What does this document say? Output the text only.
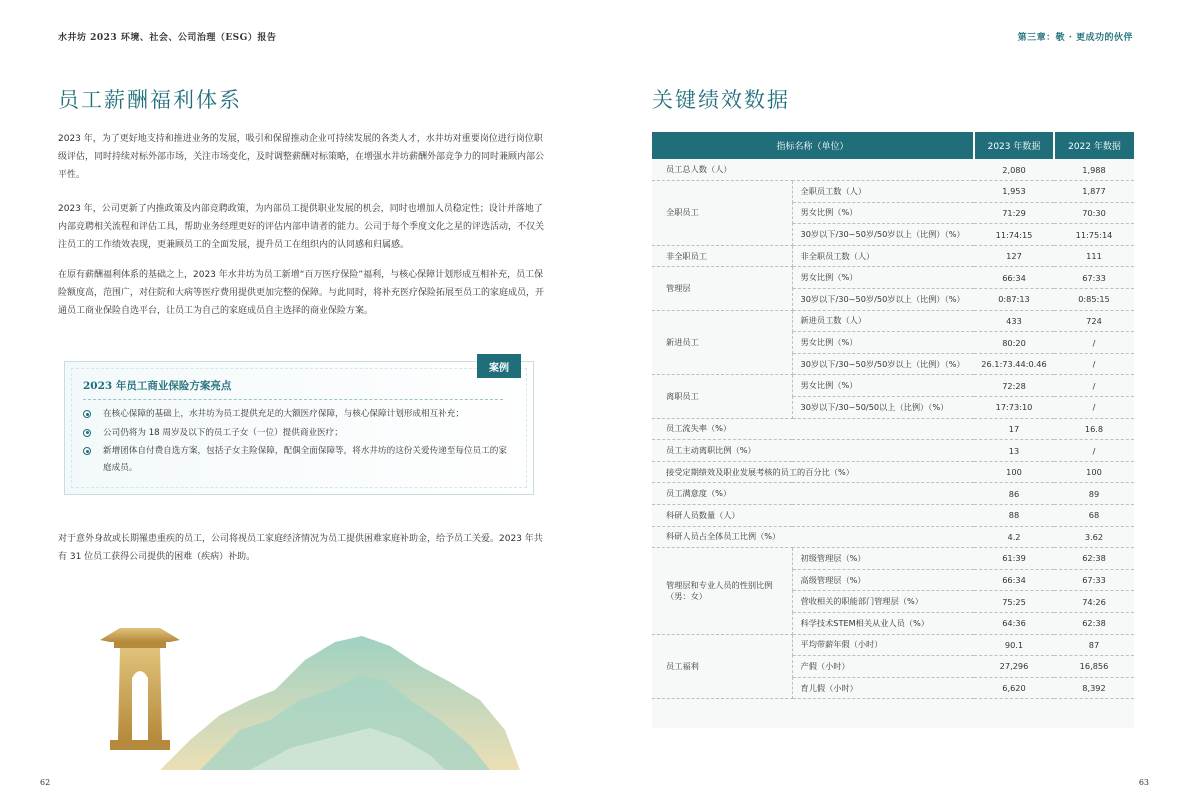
水井坊 2023 环境、社会、公司治理（ESG）报告	第三章：敬 · 更成功的伙伴
员工薪酬福利体系

2023 年，为了更好地支持和推进业务的发展，吸引和保留推动企业可持续发展的各类人才，水井坊对重要岗位进行岗位职级评估，同时持续对标外部市场，关注市场变化，及时调整薪酬对标策略，在增强水井坊薪酬外部竞争力的同时兼顾内部公平性。

2023 年，公司更新了内推政策及内部竞聘政策，为内部员工提供职业发展的机会，同时也增加人员稳定性；设计并落地了内部竞聘相关流程和评估工具，帮助业务经理更好的评估内部申请者的能力。公司于每个季度文化之星的评选活动，不仅关注员工的工作绩效表现，更兼顾员工的全面发展，提升员工在组织内的认同感和归属感。

在原有薪酬福利体系的基础之上，2023 年水井坊为员工新增“百万医疗保险”福利，与核心保障计划形成互相补充，员工保险额度高，范围广，对住院和大病等医疗费用提供更加完整的保障。与此同时，将补充医疗保险拓展至员工的家庭成员，开通员工商业保险自选平台，让员工为自己的家庭成员自主选择的商业保险方案。

案例
2023 年员工商业保险方案亮点
在核心保障的基础上，水井坊为员工提供充足的大额医疗保障，与核心保障计划形成相互补充；
公司仍将为 18 周岁及以下的员工子女（一位）提供商业医疗；
新增团体自付费自选方案，包括子女主险保障，配偶全面保障等，将水井坊的这份关爱传递至每位员工的家庭成员。

对于意外身故或长期罹患重疾的员工，公司将视员工家庭经济情况为员工提供困难家庭补助金，给予员工关爱。2023 年共有 31 位员工获得公司提供的困难（疾病）补助。

62
关键绩效数据
指标名称（单位）		2023 年数据	2022 年数据
员工总人数（人）		2,080	1,988
全职员工	全职员工数（人）	1,953	1,877
	男女比例（%）	71:29	70:30
	30岁以下/30~50岁/50岁以上（比例）（%）	11:74:15	11:75:14
非全职员工	非全职员工数（人）	127	111
管理层	男女比例（%）	66:34	67:33
	30岁以下/30~50岁/50岁以上（比例）（%）	0:87:13	0:85:15
新进员工	新进员工数（人）	433	724
	男女比例（%）	80:20	/
	30岁以下/30~50岁/50岁以上（比例）（%）	26.1:73.44:0.46	/
离职员工	男女比例（%）	72:28	/
	30岁以下/30~50/50以上（比例）（%）	17:73:10	/
员工流失率（%）		17	16.8
员工主动离职比例（%）		13	/
接受定期绩效及职业发展考核的员工的百分比（%）		100	100
员工满意度（%）		86	89
科研人员数量（人）		88	68
科研人员占全体员工比例（%）		4.2	3.62
管理层和专业人员的性别比例（男：女）	初级管理层（%）	61:39	62:38
	高级管理层（%）	66:34	67:33
	营收相关的职能部门管理层（%）	75:25	74:26
	科学技术STEM相关从业人员（%）	64:36	62:38
员工福利	平均带薪年假（小时）	90.1	87
	产假（小时）	27,296	16,856
	育儿假（小时）	6,620	8,392
63
